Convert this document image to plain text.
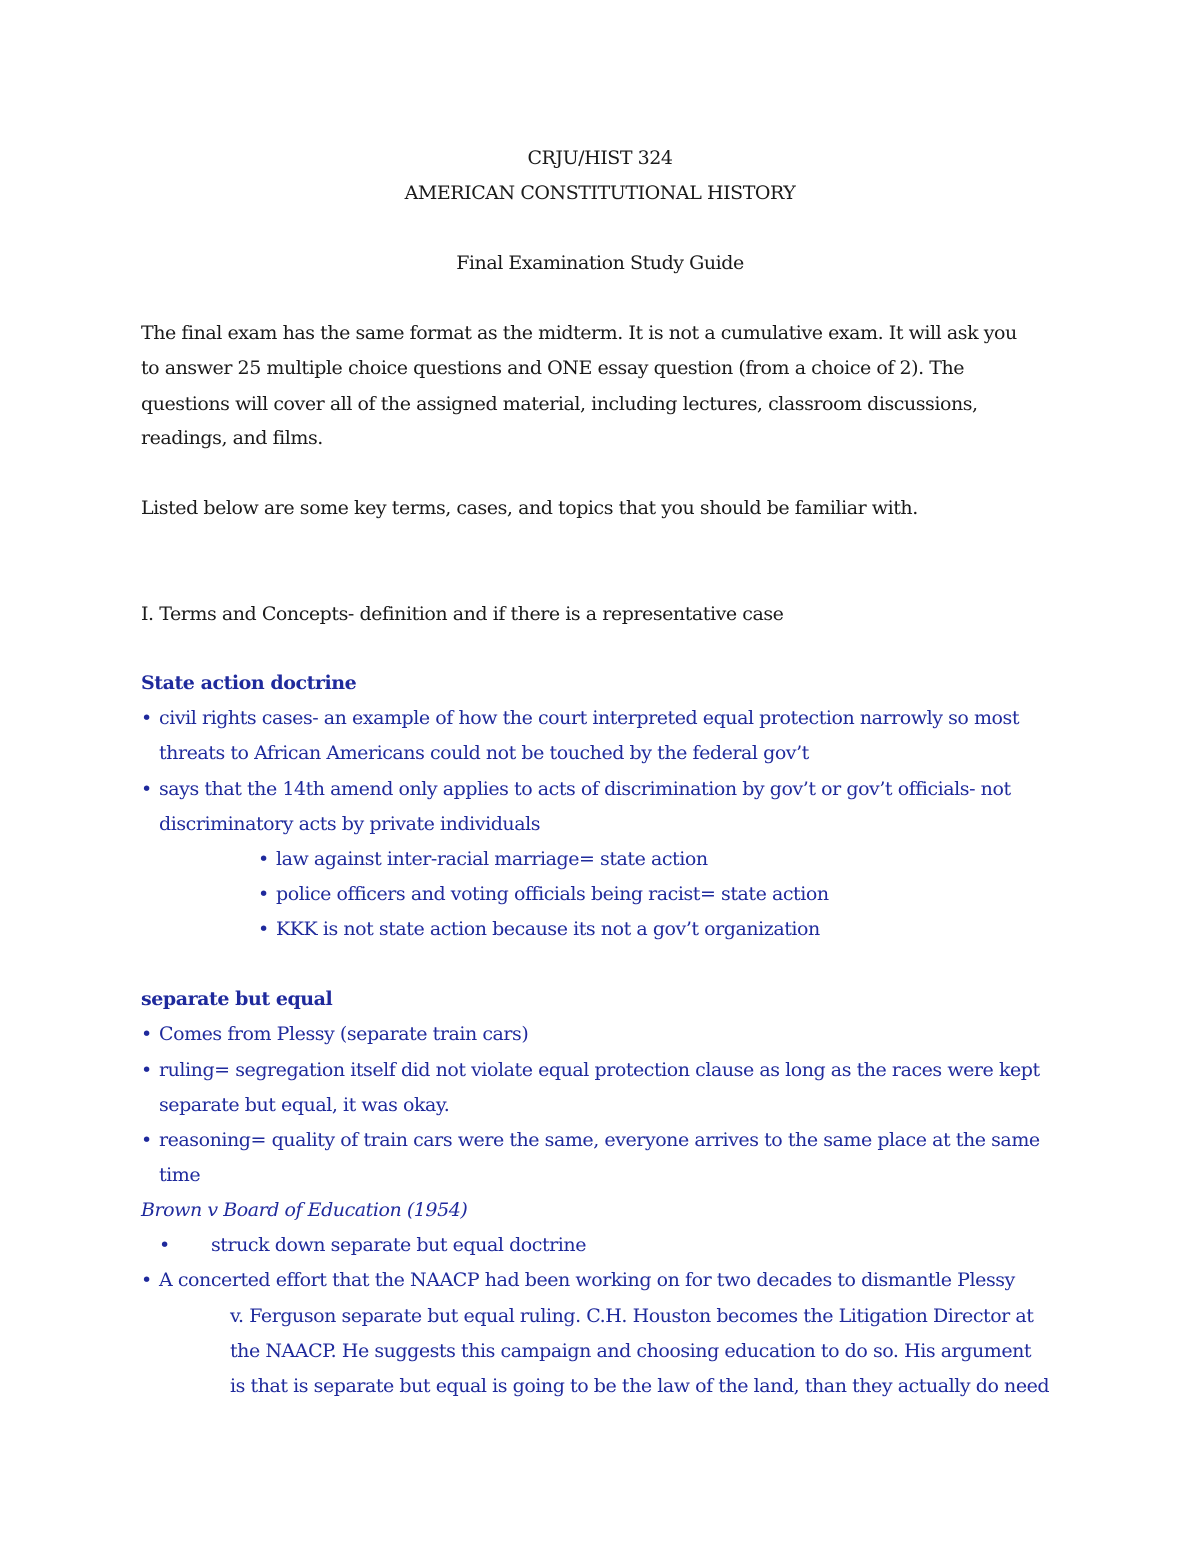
CRJU/HIST 324
AMERICAN CONSTITUTIONAL HISTORY
Final Examination Study Guide
The final exam has the same format as the midterm. It is not a cumulative exam. It will ask you
to answer 25 multiple choice questions and ONE essay question (from a choice of 2). The
questions will cover all of the assigned material, including lectures, classroom discussions,
readings, and films.
Listed below are some key terms, cases, and topics that you should be familiar with.
I. Terms and Concepts- definition and if there is a representative case
State action doctrine
• civil rights cases- an example of how the court interpreted equal protection narrowly so most
threats to African Americans could not be touched by the federal gov’t
• says that the 14th amend only applies to acts of discrimination by gov’t or gov’t officials- not
discriminatory acts by private individuals
• law against inter-racial marriage= state action
• police officers and voting officials being racist= state action
• KKK is not state action because its not a gov’t organization
separate but equal
• Comes from Plessy (separate train cars)
• ruling= segregation itself did not violate equal protection clause as long as the races were kept
separate but equal, it was okay.
• reasoning= quality of train cars were the same, everyone arrives to the same place at the same
time
Brown v Board of Education (1954)
• struck down separate but equal doctrine
• A concerted effort that the NAACP had been working on for two decades to dismantle Plessy
v. Ferguson separate but equal ruling. C.H. Houston becomes the Litigation Director at
the NAACP. He suggests this campaign and choosing education to do so. His argument
is that is separate but equal is going to be the law of the land, than they actually do need
